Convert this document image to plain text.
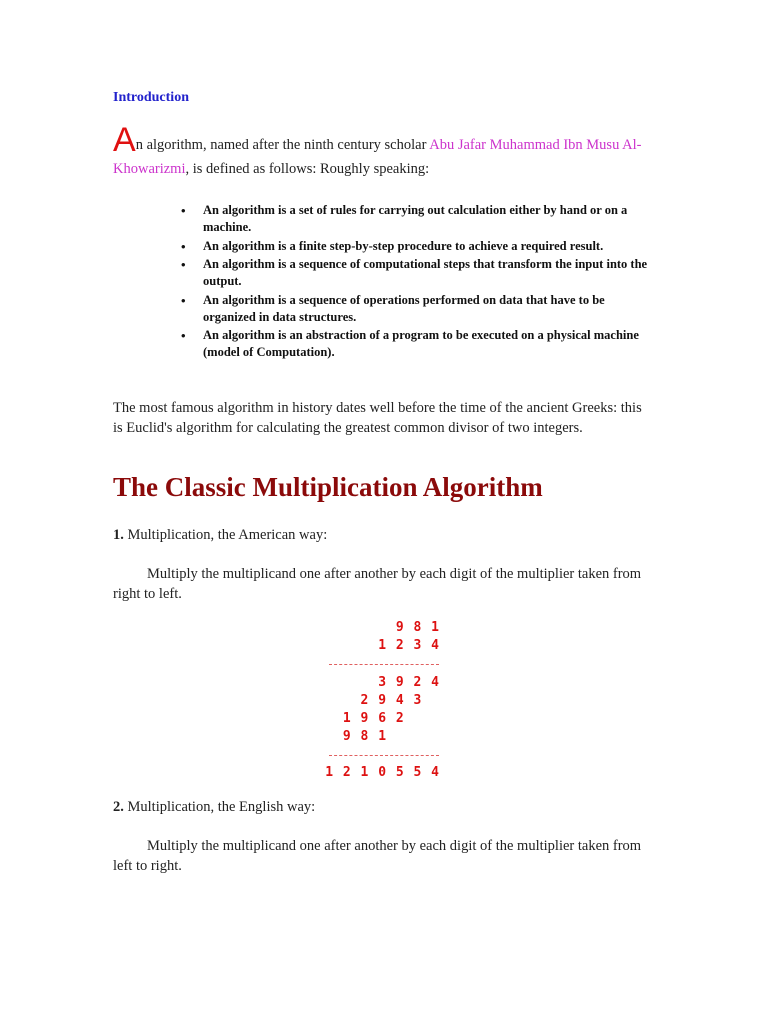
Introduction

An algorithm, named after the ninth century scholar Abu Jafar Muhammad Ibn Musu Al-Khowarizmi, is defined as follows: Roughly speaking:

• An algorithm is a set of rules for carrying out calculation either by hand or on a machine.
• An algorithm is a finite step-by-step procedure to achieve a required result.
• An algorithm is a sequence of computational steps that transform the input into the output.
• An algorithm is a sequence of operations performed on data that have to be organized in data structures.
• An algorithm is an abstraction of a program to be executed on a physical machine (model of Computation).

The most famous algorithm in history dates well before the time of the ancient Greeks: this is Euclid's algorithm for calculating the greatest common divisor of two integers.

The Classic Multiplication Algorithm
1. Multiplication, the American way:

Multiply the multiplicand one after another by each digit of the multiplier taken from right to left.

9 8 1
1 2 3 4
3 9 2 4
2 9 4 3
1 9 6 2
9 8 1
1 2 1 0 5 5 4
2. Multiplication, the English way:

Multiply the multiplicand one after another by each digit of the multiplier taken from left to right.
